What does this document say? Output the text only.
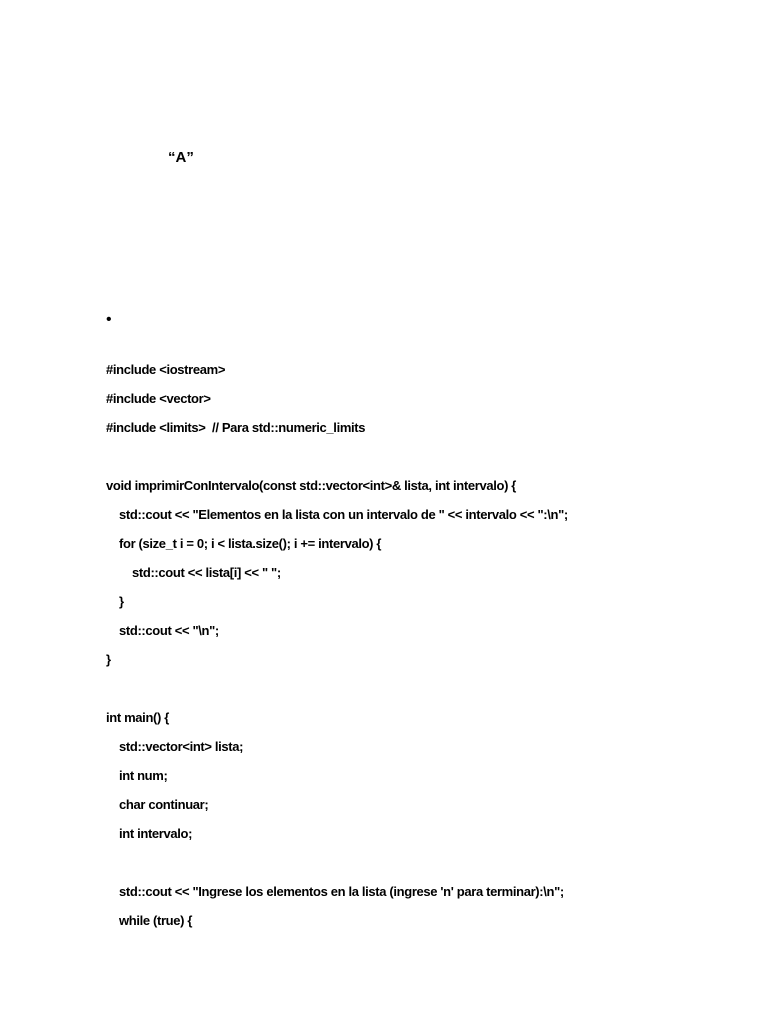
“A”
•
#include <iostream>
#include <vector>
#include <limits>  // Para std::numeric_limits
void imprimirConIntervalo(const std::vector<int>& lista, int intervalo) {
std::cout << "Elementos en la lista con un intervalo de " << intervalo << ":\n";
for (size_t i = 0; i < lista.size(); i += intervalo) {
std::cout << lista[i] << " ";
}
std::cout << "\n";
}
int main() {
std::vector<int> lista;
int num;
char continuar;
int intervalo;
std::cout << "Ingrese los elementos en la lista (ingrese 'n' para terminar):\n";
while (true) {
